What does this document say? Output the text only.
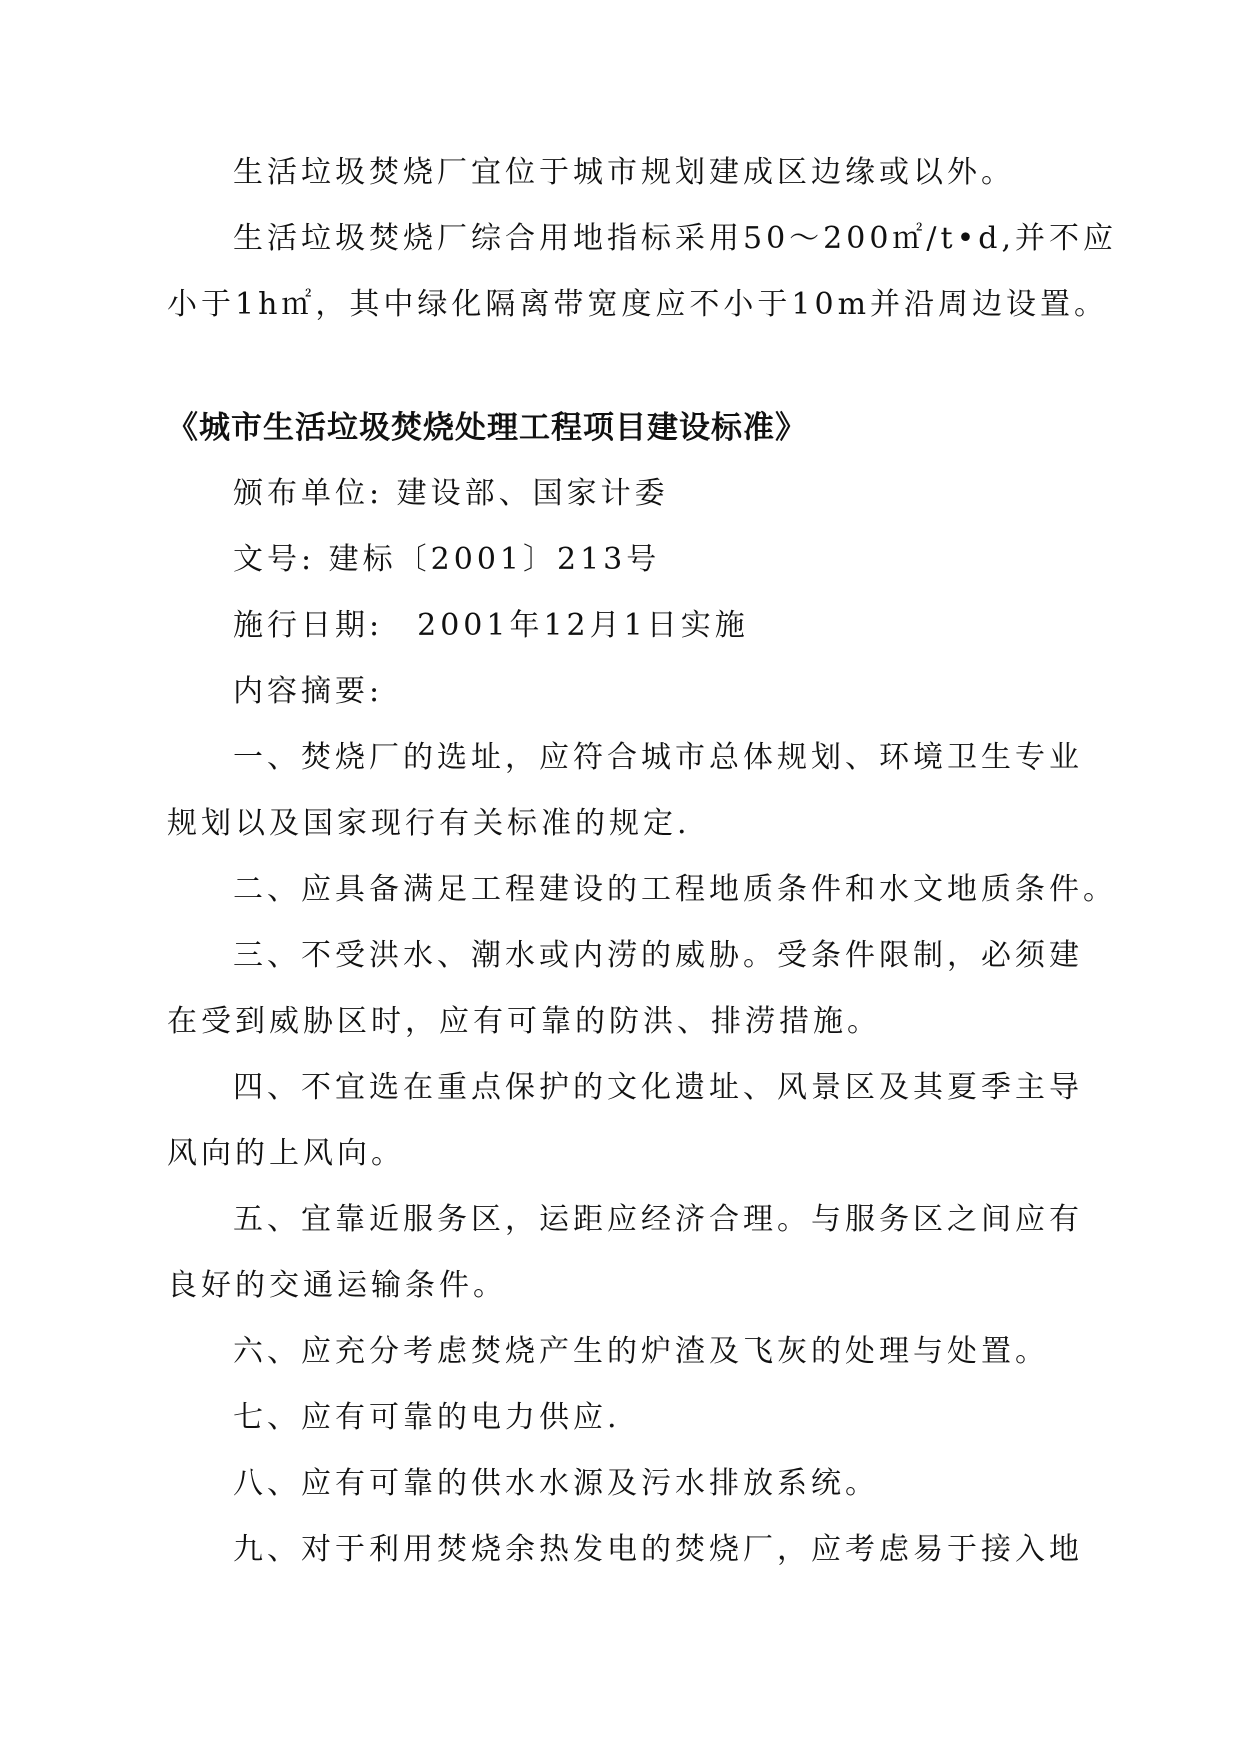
生活垃圾焚烧厂宜位于城市规划建成区边缘或以外。
生活垃圾焚烧厂综合用地指标采用50～200㎡/t•d,并不应
小于1h㎡，其中绿化隔离带宽度应不小于10m并沿周边设置。
《城市生活垃圾焚烧处理工程项目建设标准》
颁布单位: 建设部、国家计委
文号: 建标〔2001〕213号
施行日期:　2001年12月1日实施
内容摘要:
一、焚烧厂的选址，应符合城市总体规划、环境卫生专业
规划以及国家现行有关标准的规定.
二、应具备满足工程建设的工程地质条件和水文地质条件。
三、不受洪水、潮水或内涝的威胁。受条件限制，必须建
在受到威胁区时，应有可靠的防洪、排涝措施。
四、不宜选在重点保护的文化遗址、风景区及其夏季主导
风向的上风向。
五、宜靠近服务区，运距应经济合理。与服务区之间应有
良好的交通运输条件。
六、应充分考虑焚烧产生的炉渣及飞灰的处理与处置。
七、应有可靠的电力供应.
八、应有可靠的供水水源及污水排放系统。
九、对于利用焚烧余热发电的焚烧厂，应考虑易于接入地
